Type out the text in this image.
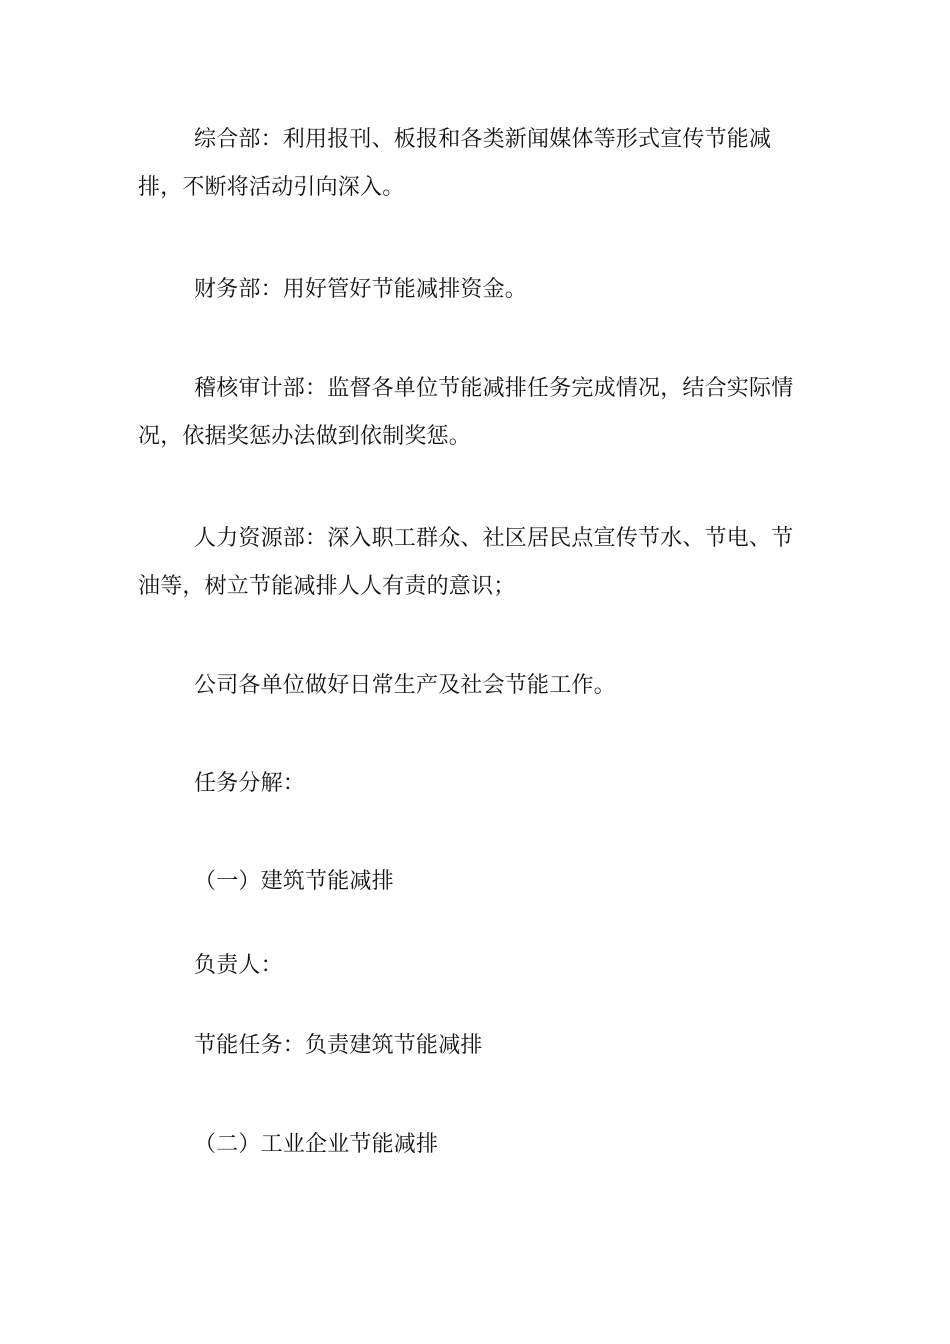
综合部：利用报刊、板报和各类新闻媒体等形式宣传节能减排，不断将活动引向深入。

财务部：用好管好节能减排资金。

稽核审计部：监督各单位节能减排任务完成情况，结合实际情况，依据奖惩办法做到依制奖惩。

人力资源部：深入职工群众、社区居民点宣传节水、节电、节油等，树立节能减排人人有责的意识；

公司各单位做好日常生产及社会节能工作。

任务分解：

（一）建筑节能减排

负责人：

节能任务：负责建筑节能减排

（二）工业企业节能减排
